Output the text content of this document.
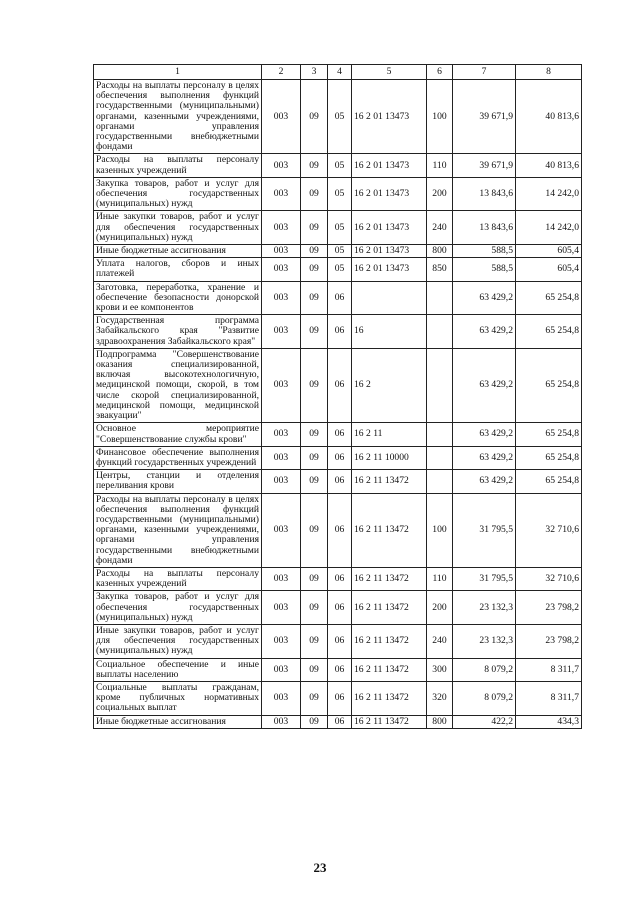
1	2	3	4	5	6	7	8
Расходы на выплаты персоналу в целях обеспечения выполнения функций государственными (муниципальными) органами, казенными учреждениями, органами управления государственными внебюджетными фондами	003	09	05	16 2 01 13473	100	39 671,9	40 813,6
Расходы на выплаты персоналу казенных учреждений	003	09	05	16 2 01 13473	110	39 671,9	40 813,6
Закупка товаров, работ и услуг для обеспечения государственных (муниципальных) нужд	003	09	05	16 2 01 13473	200	13 843,6	14 242,0
Иные закупки товаров, работ и услуг для обеспечения государственных (муниципальных) нужд	003	09	05	16 2 01 13473	240	13 843,6	14 242,0
Иные бюджетные ассигнования	003	09	05	16 2 01 13473	800	588,5	605,4
Уплата налогов, сборов и иных платежей	003	09	05	16 2 01 13473	850	588,5	605,4
Заготовка, переработка, хранение и обеспечение безопасности донорской крови и ее компонентов	003	09	06			63 429,2	65 254,8
Государственная программа Забайкальского края "Развитие здравоохранения Забайкальского края"	003	09	06	16		63 429,2	65 254,8
Подпрограмма "Совершенствование оказания специализированной, включая высокотехнологичную, медицинской помощи, скорой, в том числе скорой специализированной, медицинской помощи, медицинской эвакуации"	003	09	06	16 2		63 429,2	65 254,8
Основное мероприятие "Совершенствование службы крови"	003	09	06	16 2 11		63 429,2	65 254,8
Финансовое обеспечение выполнения функций государственных учреждений	003	09	06	16 2 11 10000		63 429,2	65 254,8
Центры, станции и отделения переливания крови	003	09	06	16 2 11 13472		63 429,2	65 254,8
Расходы на выплаты персоналу в целях обеспечения выполнения функций государственными (муниципальными) органами, казенными учреждениями, органами управления государственными внебюджетными фондами	003	09	06	16 2 11 13472	100	31 795,5	32 710,6
Расходы на выплаты персоналу казенных учреждений	003	09	06	16 2 11 13472	110	31 795,5	32 710,6
Закупка товаров, работ и услуг для обеспечения государственных (муниципальных) нужд	003	09	06	16 2 11 13472	200	23 132,3	23 798,2
Иные закупки товаров, работ и услуг для обеспечения государственных (муниципальных) нужд	003	09	06	16 2 11 13472	240	23 132,3	23 798,2
Социальное обеспечение и иные выплаты населению	003	09	06	16 2 11 13472	300	8 079,2	8 311,7
Социальные выплаты гражданам, кроме публичных нормативных социальных выплат	003	09	06	16 2 11 13472	320	8 079,2	8 311,7
Иные бюджетные ассигнования	003	09	06	16 2 11 13472	800	422,2	434,3
23
